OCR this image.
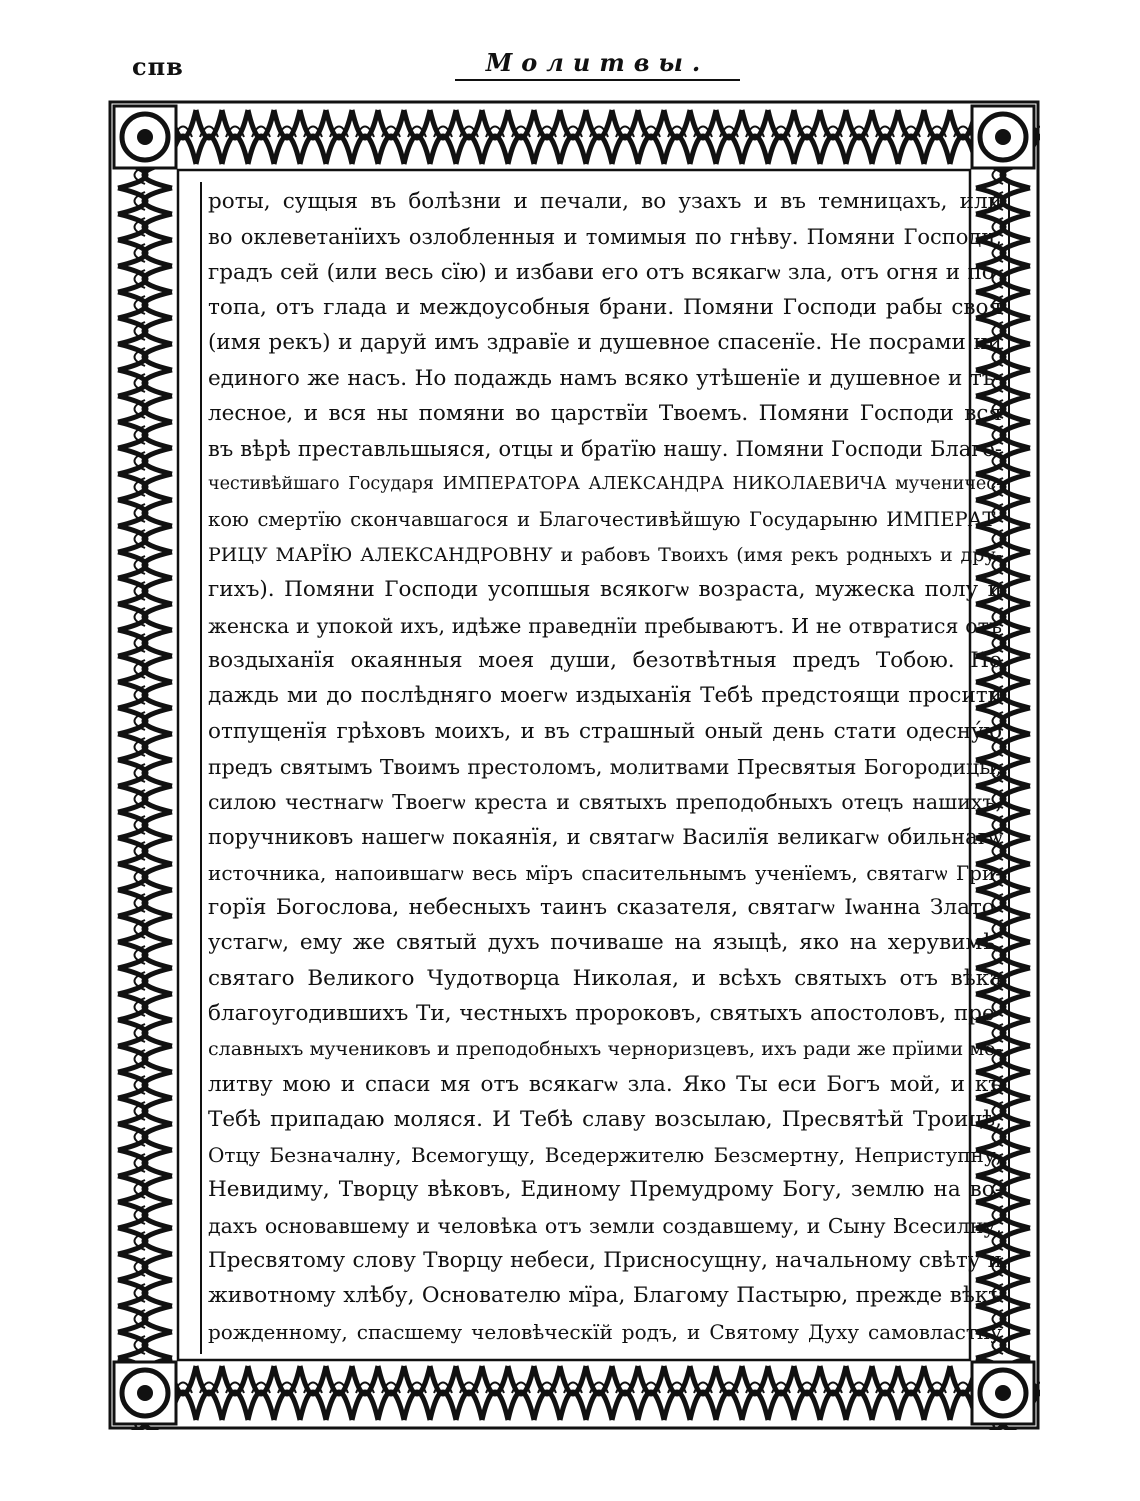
спв	Молитвы.
роты, сущыя въ болѣзни и печали, во узахъ и въ темницахъ, или
во оклеветанїихъ озлобленныя и томимыя по гнѣву. Помяни Господи,
градъ сей (или весь сїю) и избави его отъ всякагѡ зла, отъ огня и по-
топа, отъ глада и междоусобныя брани. Помяни Господи рабы своя
(имя рекъ) и даруй имъ здравїе и душевное спасенїе. Не посрами ни
единого же насъ. Но подаждь намъ всяко утѣшенїе и душевное и тѣ-
лесное, и вся ны помяни во царствїи Твоемъ. Помяни Господи вся
въ вѣрѣ преставльшыяся, отцы и братїю нашу. Помяни Господи Благо-
честивѣйшаго Государя ИМПЕРАТОРА АЛЕКСАНДРА НИКОЛАЕВИЧА мученичес-
кою смертїю скончавшагося и Благочестивѣйшую Государыню ИМПЕРАТ-
РИЦУ МАРЇЮ АЛЕКСАНДРОВНУ и рабовъ Твоихъ (имя рекъ родныхъ и дру-
гихъ). Помяни Господи усопшыя всякогѡ возраста, мужеска полу и
женска и упокой ихъ, идѣже праведнїи пребываютъ. И не отвратися отъ
воздыханїя окаянныя моея души, безотвѣтныя предъ Тобою. Но
даждь ми до послѣдняго моегѡ издыханїя Тебѣ предстоящи просити
отпущенїя грѣховъ моихъ, и въ страшный оный день стати одеснýю
предъ святымъ Твоимъ престоломъ, молитвами Пресвятыя Богородицы,
силою честнагѡ Твоегѡ креста и святыхъ преподобныхъ отецъ нашихъ,
поручниковъ нашегѡ покаянїя, и святагѡ Василїя великагѡ обильнагѡ
источника, напоившагѡ весь мїръ спасительнымъ ученїемъ, святагѡ Гри-
горїя Богослова, небесныхъ таинъ сказателя, святагѡ Іѡанна Злато-
устагѡ, ему же святый духъ почиваше на языцѣ, яко на херувимѣ,
святаго Великого Чудотворца Николая, и всѣхъ святыхъ отъ вѣка
благоугодившихъ Ти, честныхъ пророковъ, святыхъ апостоловъ, пре-
славныхъ мучениковъ и преподобныхъ черноризцевъ, ихъ ради же прїими мо-
литву мою и спаси мя отъ всякагѡ зла. Яко Ты еси Богъ мой, и къ
Тебѣ припадаю моляся. И Тебѣ славу возсылаю, Пресвятѣй Троицѣ,
Отцу Безначалну, Всемогущу, Вседержителю Безсмертну, Неприступну,
Невидиму, Творцу вѣковъ, Единому Премудрому Богу, землю на во-
дахъ основавшему и человѣка отъ земли создавшему, и Сыну Всесилну,
Пресвятому слову Творцу небеси, Присносущну, начальному свѣту и
животному хлѣбу, Основателю мїра, Благому Пастырю, прежде вѣкъ
рожденному, спасшему человѣческїй родъ, и Святому Духу самовластну
